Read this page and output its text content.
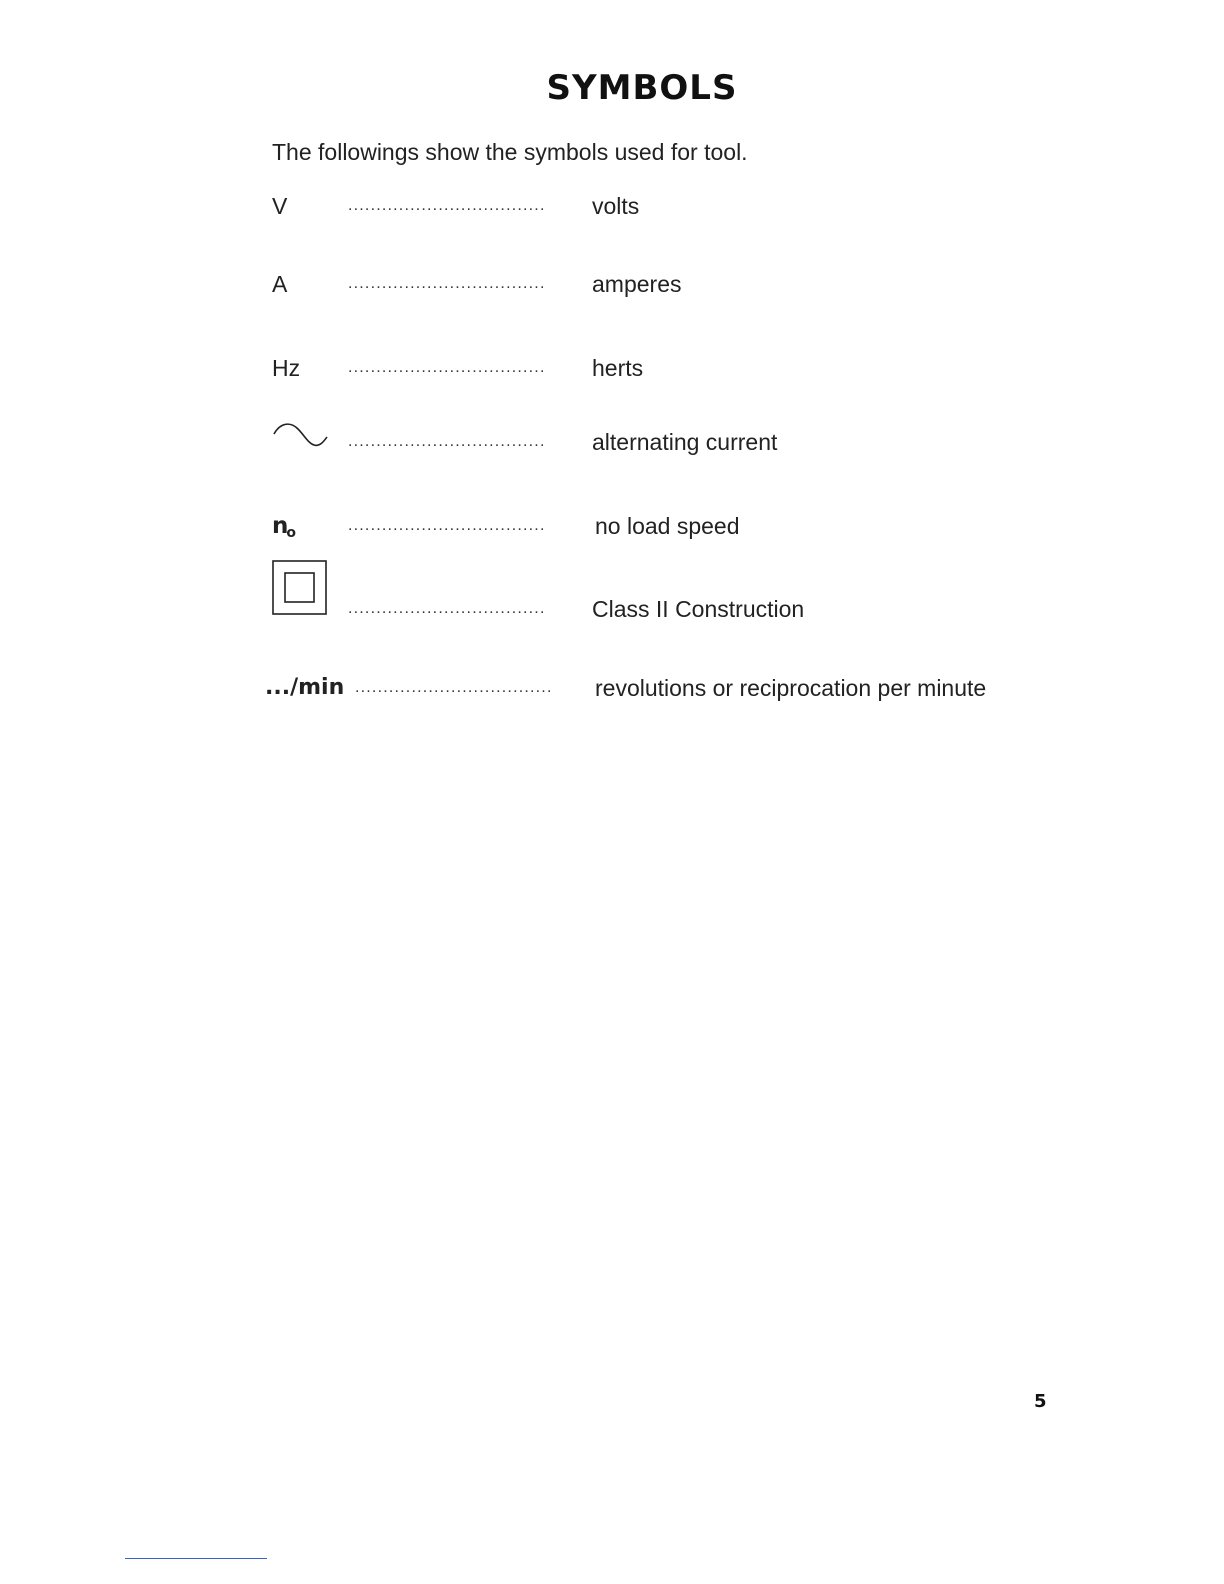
SYMBOLS
The followings show the symbols used for tool.
V	...................................	volts
A	...................................	amperes
Hz	...................................	herts
...................................	alternating current
no	...................................	no load speed
...................................	Class II Construction
.../min ...................................	revolutions or reciprocation per minute
5
